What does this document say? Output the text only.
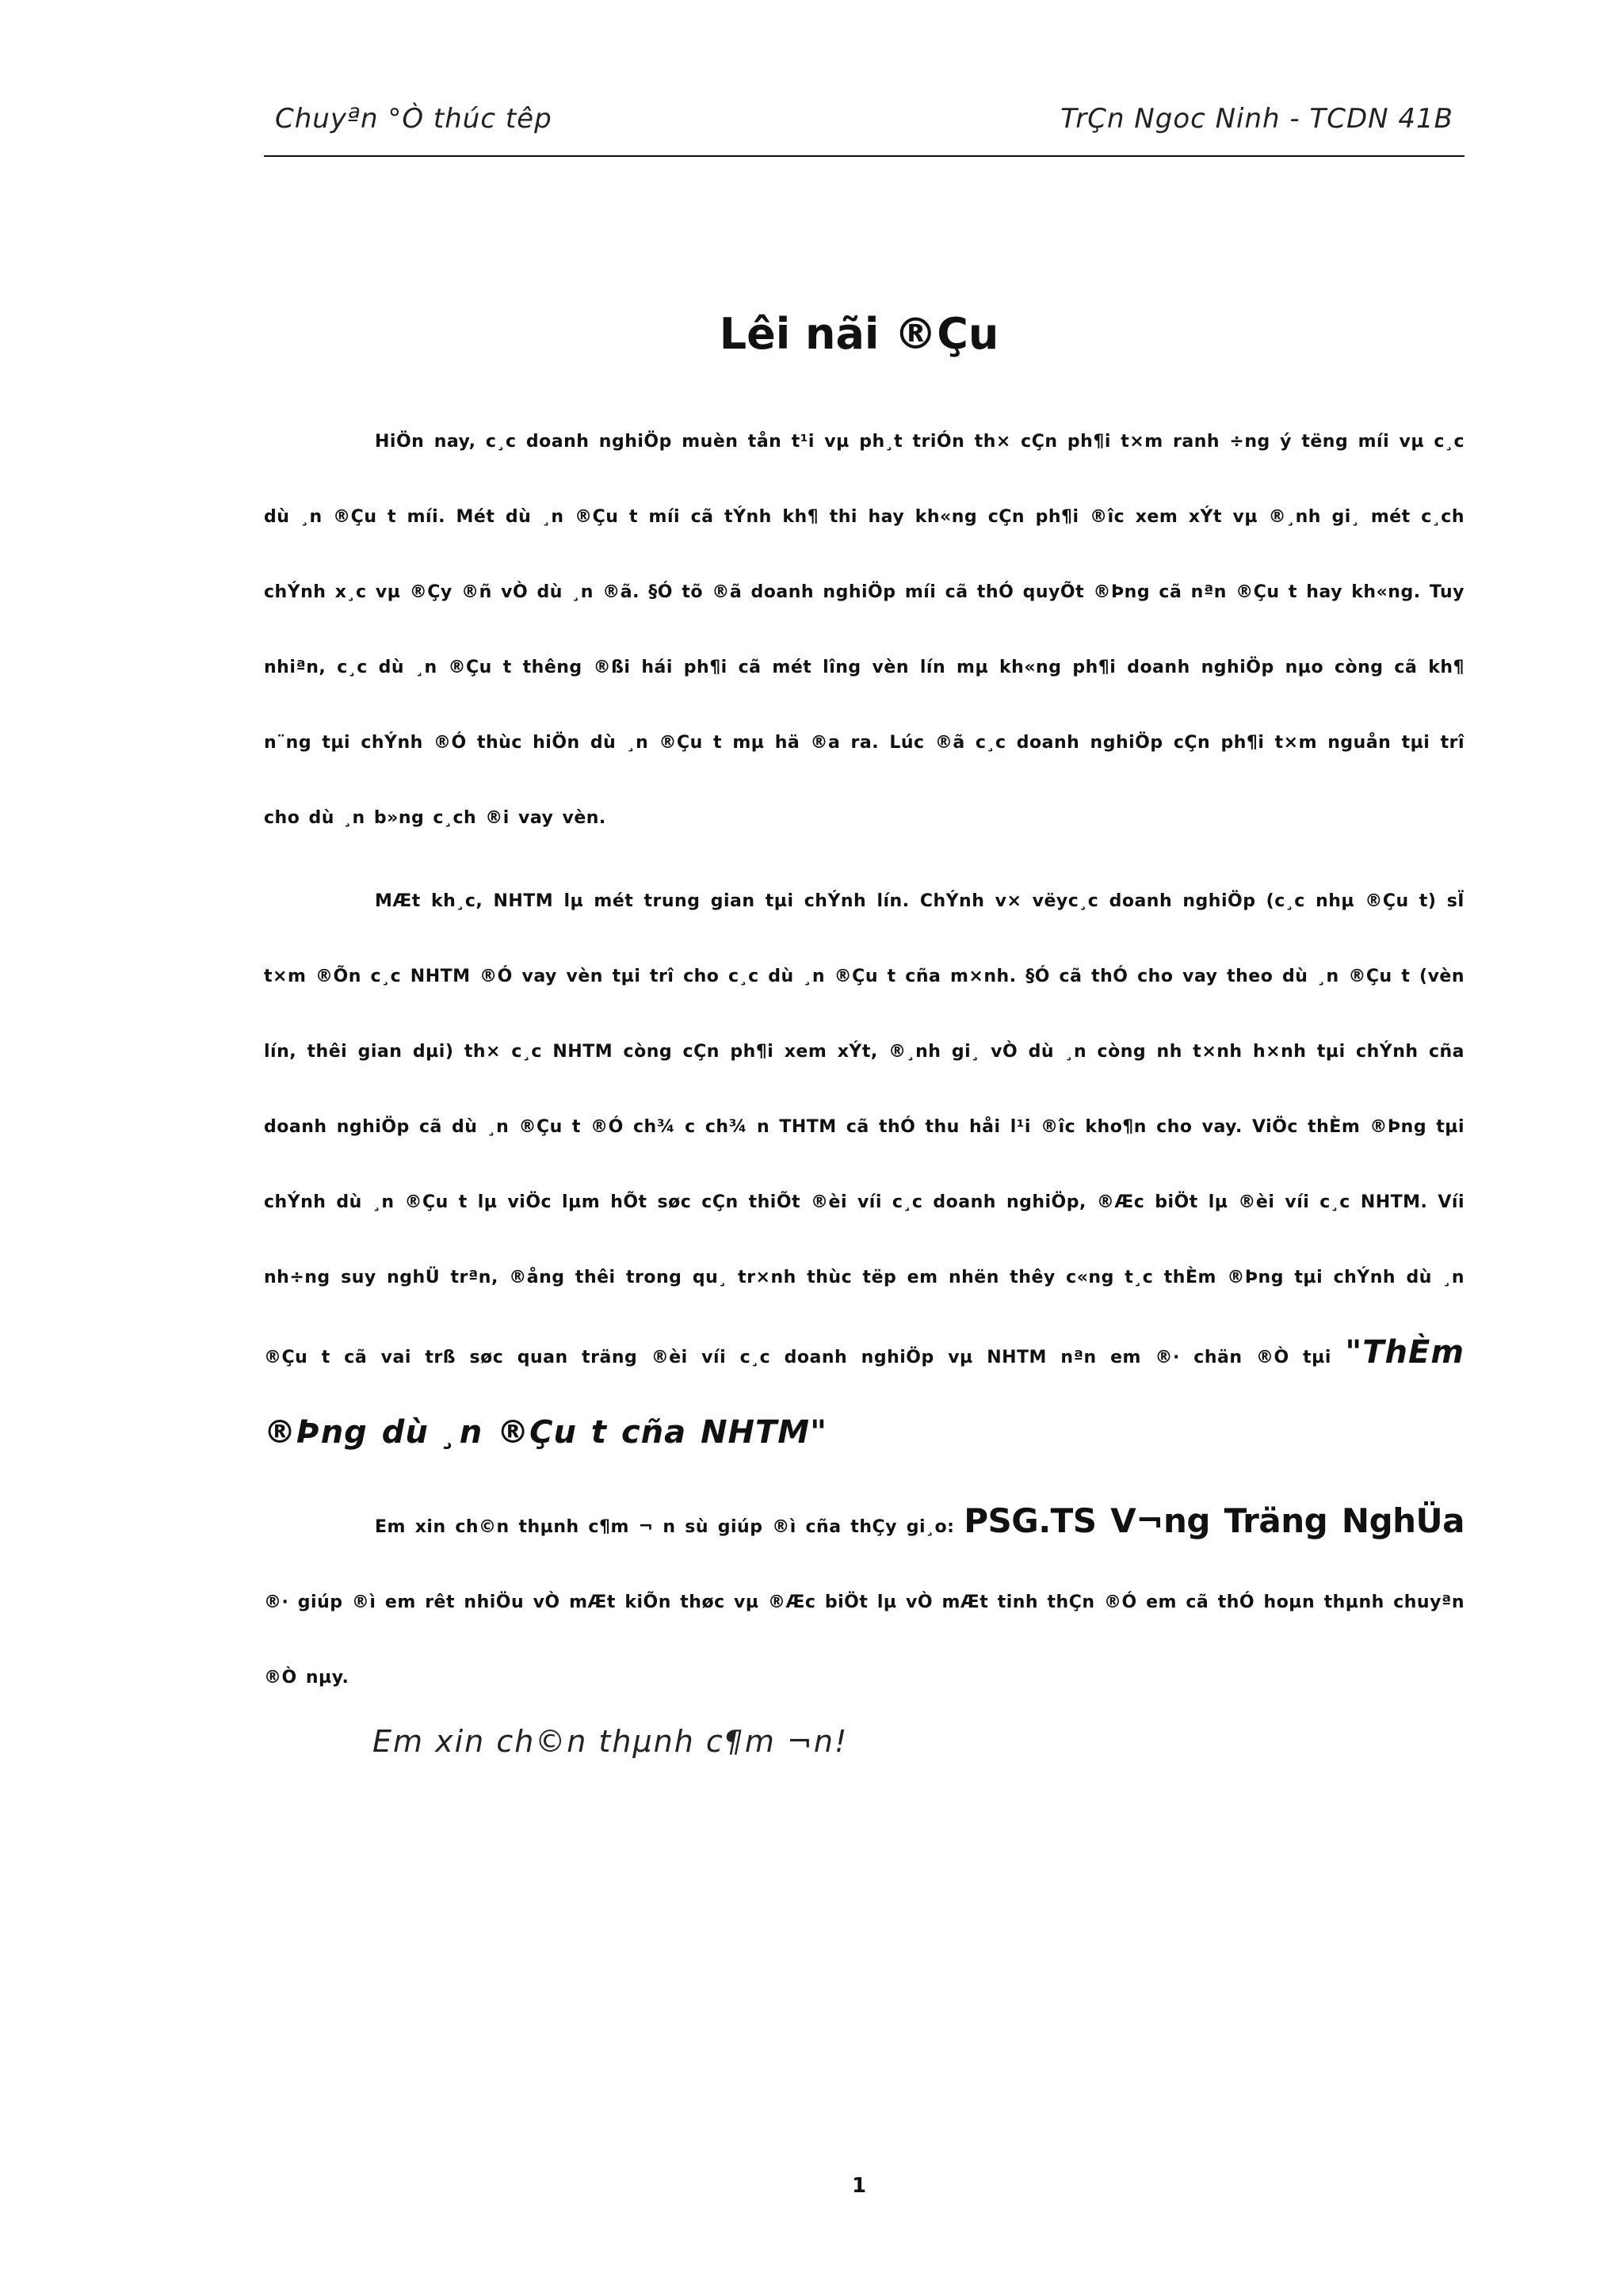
Chuyªn °Ò thúc têp	TrÇn Ngoc Ninh - TCDN 41B
Lêi nãi ®Çu

HiÖn nay, c¸c doanh nghiÖp muèn tån t¹i vµ ph¸t triÓn th× cÇn ph¶i t×m ranh ÷ng ý tëng míi vµ c¸c dù ¸n ®Çu t míi. Mét dù ¸n ®Çu t míi cã tÝnh kh¶ thi hay kh«ng cÇn ph¶i ®îc xem xÝt vµ ®¸nh gi¸ mét c¸ch chÝnh x¸c vµ ®Çy ®ñ vÒ dù ¸n ®ã. §Ó tõ ®ã doanh nghiÖp míi cã thÓ quyÕt ®Þng cã nªn ®Çu t hay kh«ng. Tuy nhiªn, c¸c dù ¸n ®Çu t thêng ®ßi hái ph¶i cã mét lîng vèn lín mµ kh«ng ph¶i doanh nghiÖp nµo còng cã kh¶ n¨ng tµi chÝnh ®Ó thùc hiÖn dù ¸n ®Çu t mµ hä ®a ra. Lúc ®ã c¸c doanh nghiÖp cÇn ph¶i t×m nguån tµi trî cho dù ¸n b»ng c¸ch ®i vay vèn.

MÆt kh¸c, NHTM lµ mét trung gian tµi chÝnh lín. ChÝnh v× vëyc¸c doanh nghiÖp (c¸c nhµ ®Çu t) sÏ t×m ®Õn c¸c NHTM ®Ó vay vèn tµi trî cho c¸c dù ¸n ®Çu t cña m×nh. §Ó cã thÓ cho vay theo dù ¸n ®Çu t (vèn lín, thêi gian dµi) th× c¸c NHTM còng cÇn ph¶i xem xÝt, ®¸nh gi¸ vÒ dù ¸n còng nh t×nh h×nh tµi chÝnh cña doanh nghiÖp cã dù ¸n ®Çu t ®Ó ch¾ c ch¾ n THTM cã thÓ thu håi l¹i ®îc kho¶n cho vay. ViÖc thÈm ®Þng tµi chÝnh dù ¸n ®Çu t lµ viÖc lµm hÕt søc cÇn thiÕt ®èi víi c¸c doanh nghiÖp, ®Æc biÖt lµ ®èi víi c¸c NHTM. Víi nh÷ng suy nghÜ trªn, ®ång thêi trong qu¸ tr×nh thùc tëp em nhën thêy c«ng t¸c thÈm ®Þng tµi chÝnh dù ¸n ®Çu t cã vai trß søc quan träng ®èi víi c¸c doanh nghiÖp vµ NHTM nªn em ®· chän ®Ò tµi "ThÈm ®Þng dù ¸n ®Çu t cña NHTM"

Em xin ch©n thµnh c¶m ¬ n sù giúp ®ì cña thÇy gi¸o: PSG.TS V¬ng Träng NghÜa ®· giúp ®ì em rêt nhiÖu vÒ mÆt kiÕn thøc vµ ®Æc biÖt lµ vÒ mÆt tinh thÇn ®Ó em cã thÓ hoµn thµnh chuyªn ®Ò nµy.

Em xin ch©n thµnh c¶m ¬n!
1
